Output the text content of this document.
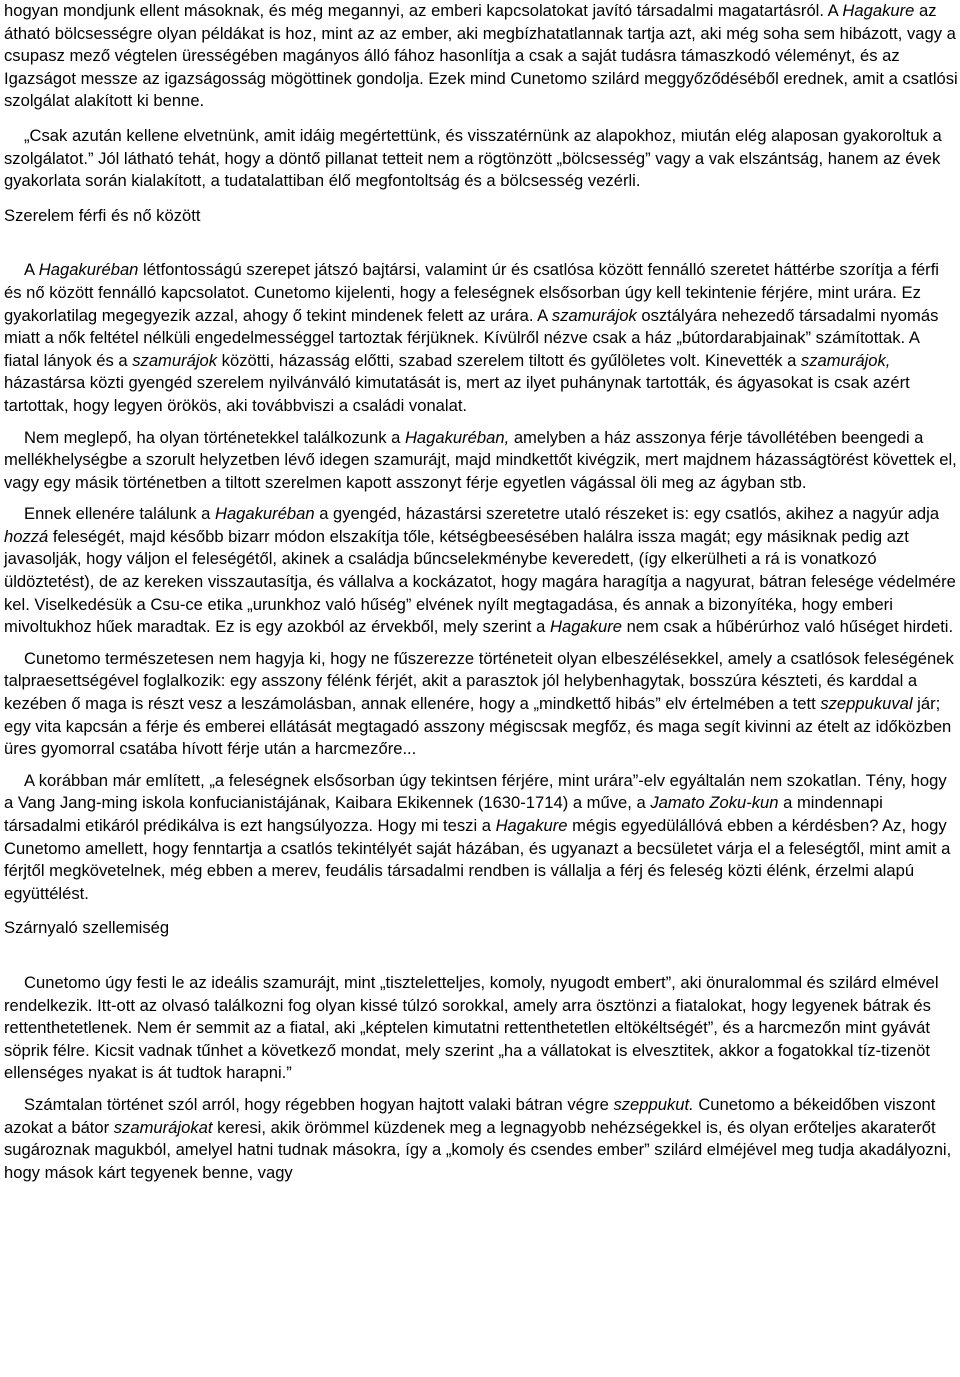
hogyan mondjunk ellent másoknak, és még megannyi, az emberi kapcsolatokat javító társadalmi magatartásról. A Hagakure az átható bölcsességre olyan példákat is hoz, mint az az ember, aki megbízhatatlannak tartja azt, aki még soha sem hibázott, vagy a csupasz mező végtelen ürességében magányos álló fához hasonlítja a csak a saját tudásra támaszkodó véleményt, és az Igazságot messze az igazságosság mögöttinek gondolja. Ezek mind Cunetomo szilárd meggyőződéséből erednek, amit a csatlósi szolgálat alakított ki benne.

„Csak azután kellene elvetnünk, amit idáig megértettünk, és visszatérnünk az alapokhoz, miután elég alaposan gyakoroltuk a szolgálatot.” Jól látható tehát, hogy a döntő pillanat tetteit nem a rögtönzött „bölcsesség” vagy a vak elszántság, hanem az évek gyakorlata során kialakított, a tudatalattiban élő megfontoltság és a bölcsesség vezérli.

Szerelem férfi és nő között

A Hagakuréban létfontosságú szerepet játszó bajtársi, valamint úr és csatlósa között fennálló szeretet háttérbe szorítja a férfi és nő között fennálló kapcsolatot. Cunetomo kijelenti, hogy a feleségnek elsősorban úgy kell tekintenie férjére, mint urára. Ez gyakorlatilag megegyezik azzal, ahogy ő tekint mindenek felett az urára. A szamurájok osztályára nehezedő társadalmi nyomás miatt a nők feltétel nélküli engedelmességgel tartoztak férjüknek. Kívülről nézve csak a ház „bútordarabjainak” számítottak. A fiatal lányok és a szamurájok közötti, házasság előtti, szabad szerelem tiltott és gyűlöletes volt. Kinevették a szamurájok, házastársa közti gyengéd szerelem nyilvánváló kimutatását is, mert az ilyet puhánynak tartották, és ágyasokat is csak azért tartottak, hogy legyen örökös, aki továbbviszi a családi vonalat.

Nem meglepő, ha olyan történetekkel találkozunk a Hagakuréban, amelyben a ház asszonya férje távollétében beengedi a mellékhelységbe a szorult helyzetben lévő idegen szamurájt, majd mindkettőt kivégzik, mert majdnem házasságtörést követtek el, vagy egy másik történetben a tiltott szerelmen kapott asszonyt férje egyetlen vágással öli meg az ágyban stb.

Ennek ellenére találunk a Hagakuréban a gyengéd, házastársi szeretetre utaló részeket is: egy csatlós, akihez a nagyúr adja hozzá feleségét, majd később bizarr módon elszakítja tőle, kétségbeesésében halálra issza magát; egy másiknak pedig azt javasolják, hogy váljon el feleségétől, akinek a családja bűncselekménybe keveredett, (így elkerülheti a rá is vonatkozó üldöztetést), de az kereken visszautasítja, és vállalva a kockázatot, hogy magára haragítja a nagyurat, bátran felesége védelmére kel. Viselkedésük a Csu-ce etika „urunkhoz való hűség” elvének nyílt megtagadása, és annak a bizonyítéka, hogy emberi mivoltukhoz hűek maradtak. Ez is egy azokból az érvekből, mely szerint a Hagakure nem csak a hűbérúrhoz való hűséget hirdeti.

Cunetomo természetesen nem hagyja ki, hogy ne fűszerezze történeteit olyan elbeszélésekkel, amely a csatlósok feleségének talpraesettségével foglalkozik: egy asszony félénk férjét, akit a parasztok jól helybenhagytak, bosszúra készteti, és karddal a kezében ő maga is részt vesz a leszámolásban, annak ellenére, hogy a „mindkettő hibás” elv értelmében a tett szeppukuval jár; egy vita kapcsán a férje és emberei ellátását megtagadó asszony mégiscsak megfőz, és maga segít kivinni az ételt az időközben üres gyomorral csatába hívott férje után a harcmezőre...

A korábban már említett, „a feleségnek elsősorban úgy tekintsen férjére, mint urára”-elv egyáltalán nem szokatlan. Tény, hogy a Vang Jang-ming iskola konfucianistájának, Kaibara Ekikennek (1630-1714) a műve, a Jamato Zoku-kun a mindennapi társadalmi etikáról prédikálva is ezt hangsúlyozza. Hogy mi teszi a Hagakure mégis egyedülállóvá ebben a kérdésben? Az, hogy Cunetomo amellett, hogy fenntartja a csatlós tekintélyét saját házában, és ugyanazt a becsületet várja el a feleségtől, mint amit a férjtől megkövetelnek, még ebben a merev, feudális társadalmi rendben is vállalja a férj és feleség közti élénk, érzelmi alapú együttélést.

Szárnyaló szellemiség

Cunetomo úgy festi le az ideális szamurájt, mint „tiszteletteljes, komoly, nyugodt embert”, aki önuralommal és szilárd elmével rendelkezik. Itt-ott az olvasó találkozni fog olyan kissé túlzó sorokkal, amely arra ösztönzi a fiatalokat, hogy legyenek bátrak és rettenthetetlenek. Nem ér semmit az a fiatal, aki „képtelen kimutatni rettenthetetlen eltökéltségét”, és a harcmezőn mint gyávát söprik félre. Kicsit vadnak tűnhet a következő mondat, mely szerint „ha a vállatokat is elvesztitek, akkor a fogatokkal tíz-tizenöt ellenséges nyakat is át tudtok harapni.”

Számtalan történet szól arról, hogy régebben hogyan hajtott valaki bátran végre szeppukut. Cunetomo a békeidőben viszont azokat a bátor szamurájokat keresi, akik örömmel küzdenek meg a legnagyobb nehézségekkel is, és olyan erőteljes akaraterőt sugároznak magukból, amelyel hatni tudnak másokra, így a „komoly és csendes ember” szilárd elméjével meg tudja akadályozni, hogy mások kárt tegyenek benne, vagy
